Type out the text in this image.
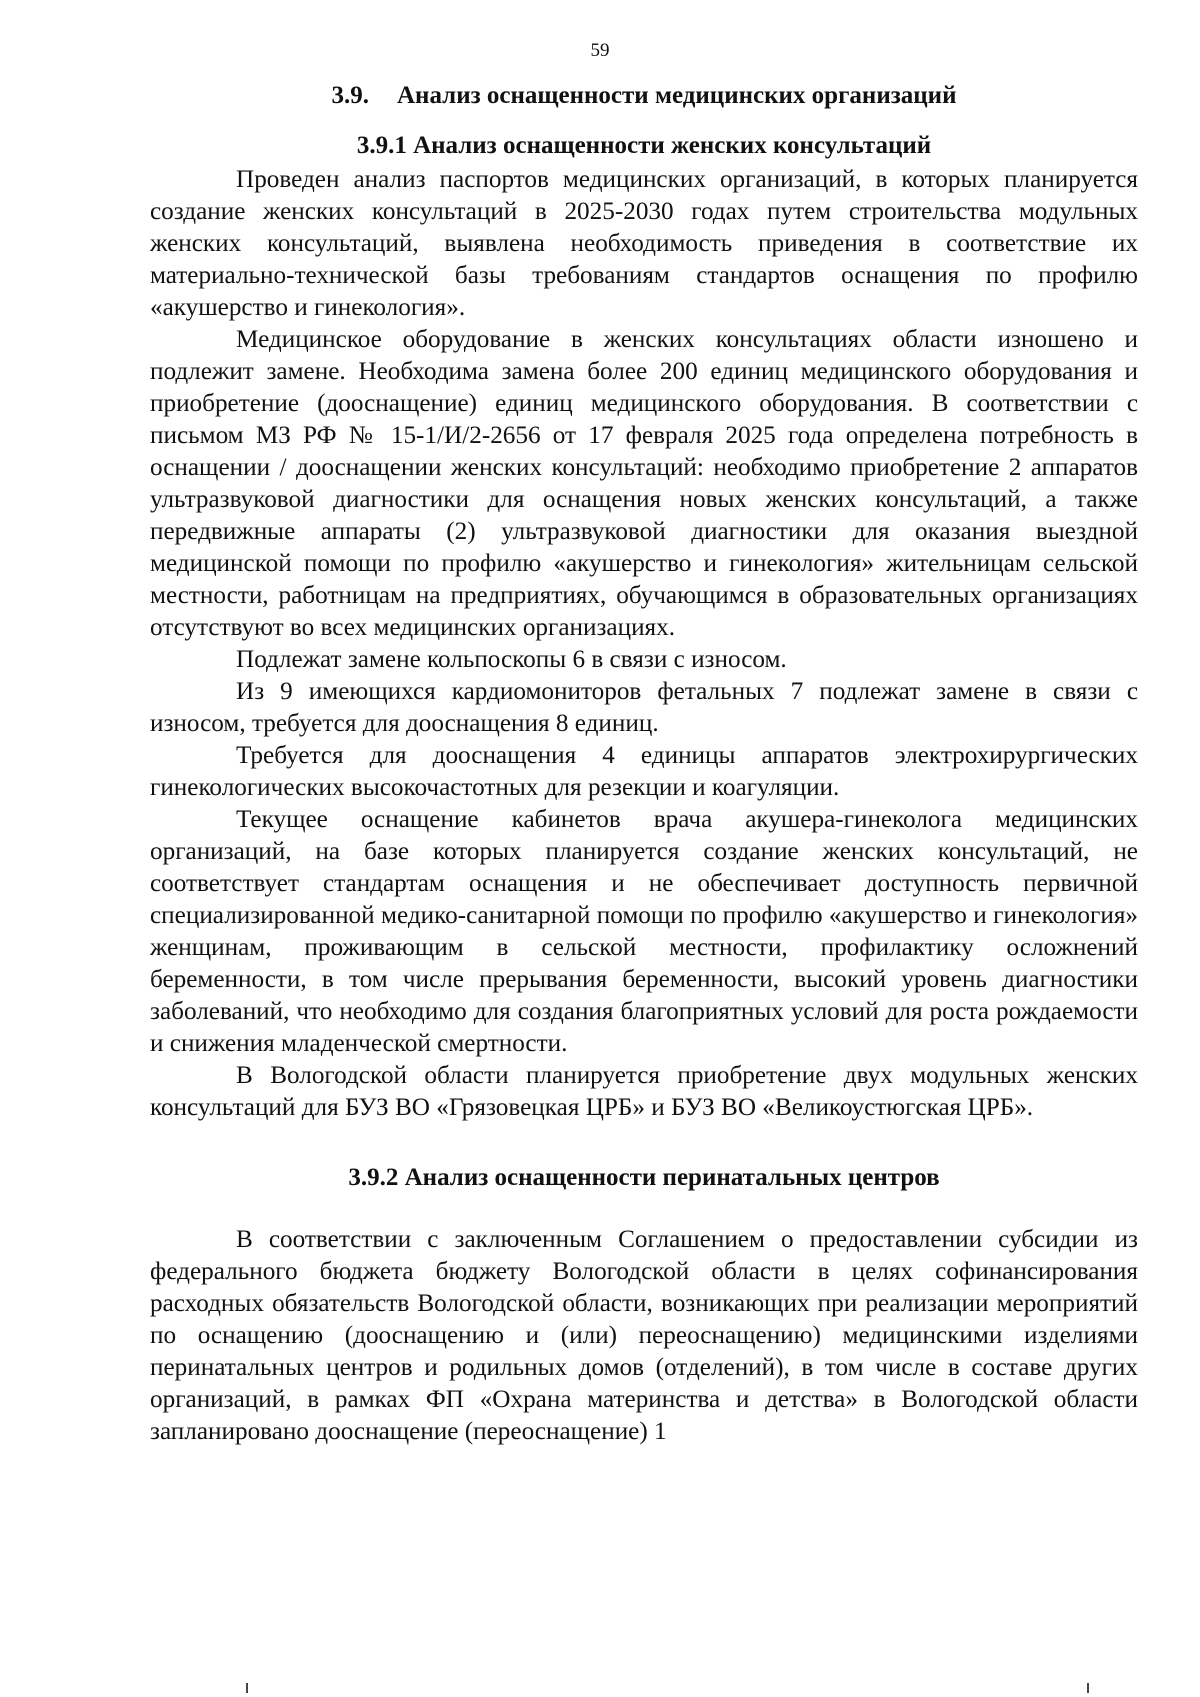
59
3.9. Анализ оснащенности медицинских организаций
3.9.1 Анализ оснащенности женских консультаций

Проведен анализ паспортов медицинских организаций, в которых планируется создание женских консультаций в 2025-2030 годах путем строительства модульных женских консультаций, выявлена необходимость приведения в соответствие их материально-технической базы требованиям стандартов оснащения по профилю «акушерство и гинекология».

Медицинское оборудование в женских консультациях области изношено и подлежит замене. Необходима замена более 200 единиц медицинского оборудования и приобретение (дооснащение) единиц медицинского оборудования. В соответствии с письмом МЗ РФ № 15-1/И/2-2656 от 17 февраля 2025 года определена потребность в оснащении / дооснащении женских консультаций: необходимо приобретение 2 аппаратов ультразвуковой диагностики для оснащения новых женских консультаций, а также передвижные аппараты (2) ультразвуковой диагностики для оказания выездной медицинской помощи по профилю «акушерство и гинекология» жительницам сельской местности, работницам на предприятиях, обучающимся в образовательных организациях отсутствуют во всех медицинских организациях.

Подлежат замене кольпоскопы 6 в связи с износом.

Из 9 имеющихся кардиомониторов фетальных 7 подлежат замене в связи с износом, требуется для дооснащения 8 единиц.

Требуется для дооснащения 4 единицы аппаратов электрохирургических гинекологических высокочастотных для резекции и коагуляции.

Текущее оснащение кабинетов врача акушера-гинеколога медицинских организаций, на базе которых планируется создание женских консультаций, не соответствует стандартам оснащения и не обеспечивает доступность первичной специализированной медико-санитарной помощи по профилю «акушерство и гинекология» женщинам, проживающим в сельской местности, профилактику осложнений беременности, в том числе прерывания беременности, высокий уровень диагностики заболеваний, что необходимо для создания благоприятных условий для роста рождаемости и снижения младенческой смертности.

В Вологодской области планируется приобретение двух модульных женских консультаций для БУЗ ВО «Грязовецкая ЦРБ» и БУЗ ВО «Великоустюгская ЦРБ».

3.9.2 Анализ оснащенности перинатальных центров

В соответствии с заключенным Соглашением о предоставлении субсидии из федерального бюджета бюджету Вологодской области в целях софинансирования расходных обязательств Вологодской области, возникающих при реализации мероприятий по оснащению (дооснащению и (или) переоснащению) медицинскими изделиями перинатальных центров и родильных домов (отделений), в том числе в составе других организаций, в рамках ФП «Охрана материнства и детства» в Вологодской области запланировано дооснащение (переоснащение) 1
